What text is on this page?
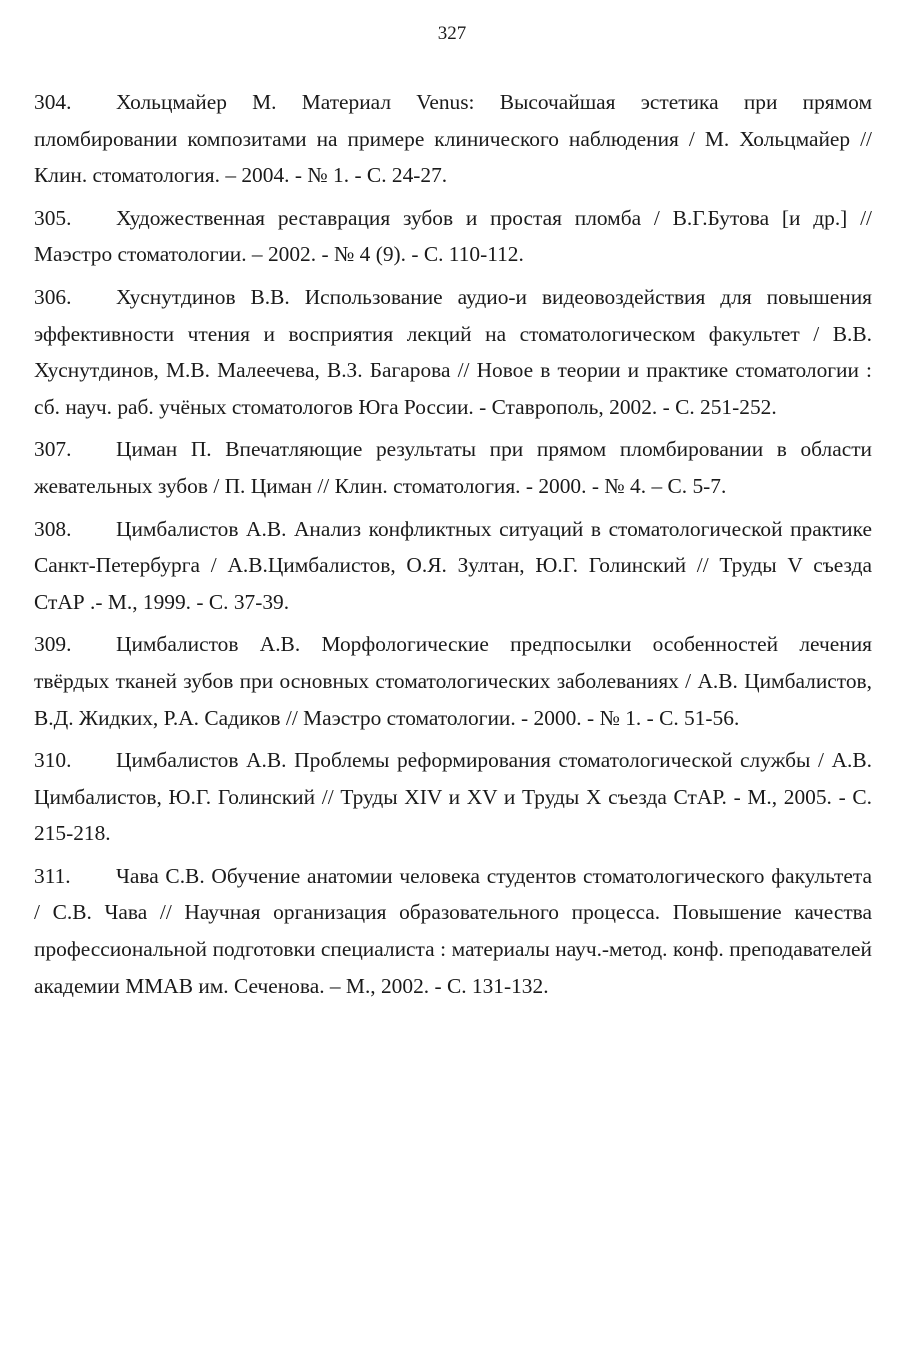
327

304. Хольцмайер М. Материал Venus: Высочайшая эстетика при прямом пломбировании композитами на примере клинического наблюдения / М. Хольцмайер // Клин. стоматология. – 2004. - № 1. - С. 24-27.

305. Художественная реставрация зубов и простая пломба / В.Г.Бутова [и др.] // Маэстро стоматологии. – 2002. - № 4 (9). - С. 110-112.

306. Хуснутдинов В.В. Использование аудио-и видеовоздействия для повышения эффективности чтения и восприятия лекций на стоматологическом факультет / В.В. Хуснутдинов, М.В. Малеечева, В.З. Багарова // Новое в теории и практике стоматологии : сб. науч. раб. учёных стоматологов Юга России. - Ставрополь, 2002. - С. 251-252.

307. Циман П. Впечатляющие результаты при прямом пломбировании в области жевательных зубов / П. Циман // Клин. стоматология. - 2000. - № 4. – С. 5-7.

308. Цимбалистов А.В. Анализ конфликтных ситуаций в стоматологической практике Санкт-Петербурга / А.В.Цимбалистов, О.Я. Зултан, Ю.Г. Голинский // Труды V съезда СтАР .- М., 1999. - С. 37-39.

309. Цимбалистов А.В. Морфологические предпосылки особенностей лечения твёрдых тканей зубов при основных стоматологических заболеваниях / А.В. Цимбалистов, В.Д. Жидких, Р.А. Садиков // Маэстро стоматологии. - 2000. - № 1. - С. 51-56.

310. Цимбалистов А.В. Проблемы реформирования стоматологической службы / А.В. Цимбалистов, Ю.Г. Голинский // Труды XIV и XV и Труды X съезда СтАР. - М., 2005. - С. 215-218.

311. Чава С.В. Обучение анатомии человека студентов стоматологического факультета / С.В. Чава // Научная организация образовательного процесса. Повышение качества профессиональной подготовки специалиста : материалы науч.-метод. конф. преподавателей академии ММАВ им. Сеченова. – М., 2002. - С. 131-132.
